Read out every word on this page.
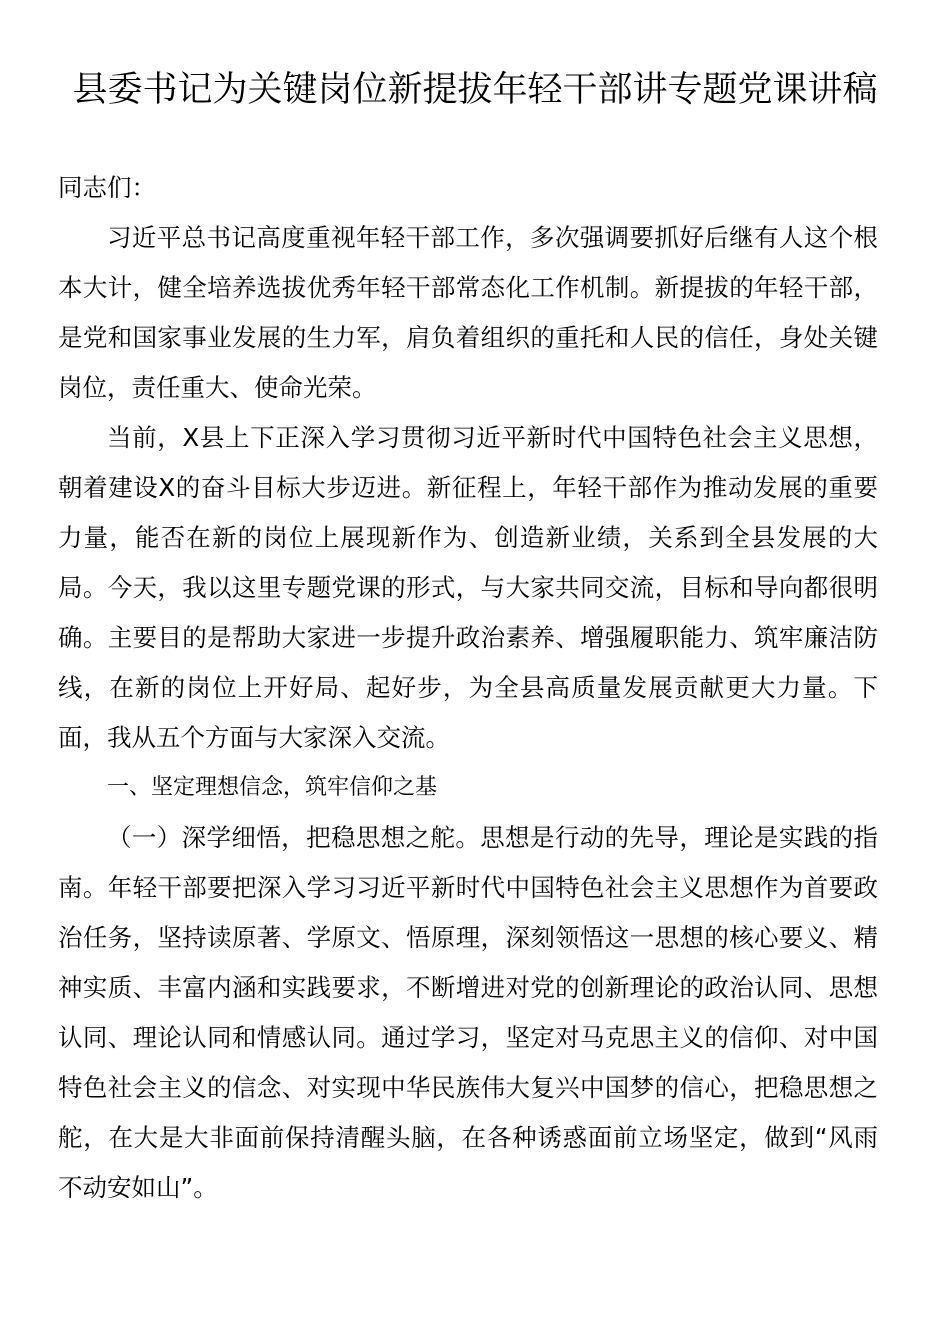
县委书记为关键岗位新提拔年轻干部讲专题党课讲稿

同志们：

习近平总书记高度重视年轻干部工作，多次强调要抓好后继有人这个根本大计，健全培养选拔优秀年轻干部常态化工作机制。新提拔的年轻干部，是党和国家事业发展的生力军，肩负着组织的重托和人民的信任，身处关键岗位，责任重大、使命光荣。

当前，X县上下正深入学习贯彻习近平新时代中国特色社会主义思想，朝着建设X的奋斗目标大步迈进。新征程上，年轻干部作为推动发展的重要力量，能否在新的岗位上展现新作为、创造新业绩，关系到全县发展的大局。今天，我以这里专题党课的形式，与大家共同交流，目标和导向都很明确。主要目的是帮助大家进一步提升政治素养、增强履职能力、筑牢廉洁防线，在新的岗位上开好局、起好步，为全县高质量发展贡献更大力量。下面，我从五个方面与大家深入交流。

一、坚定理想信念，筑牢信仰之基

（一）深学细悟，把稳思想之舵。思想是行动的先导，理论是实践的指南。年轻干部要把深入学习习近平新时代中国特色社会主义思想作为首要政治任务，坚持读原著、学原文、悟原理，深刻领悟这一思想的核心要义、精神实质、丰富内涵和实践要求，不断增进对党的创新理论的政治认同、思想认同、理论认同和情感认同。通过学习，坚定对马克思主义的信仰、对中国特色社会主义的信念、对实现中华民族伟大复兴中国梦的信心，把稳思想之舵，在大是大非面前保持清醒头脑，在各种诱惑面前立场坚定，做到“风雨不动安如山”。
